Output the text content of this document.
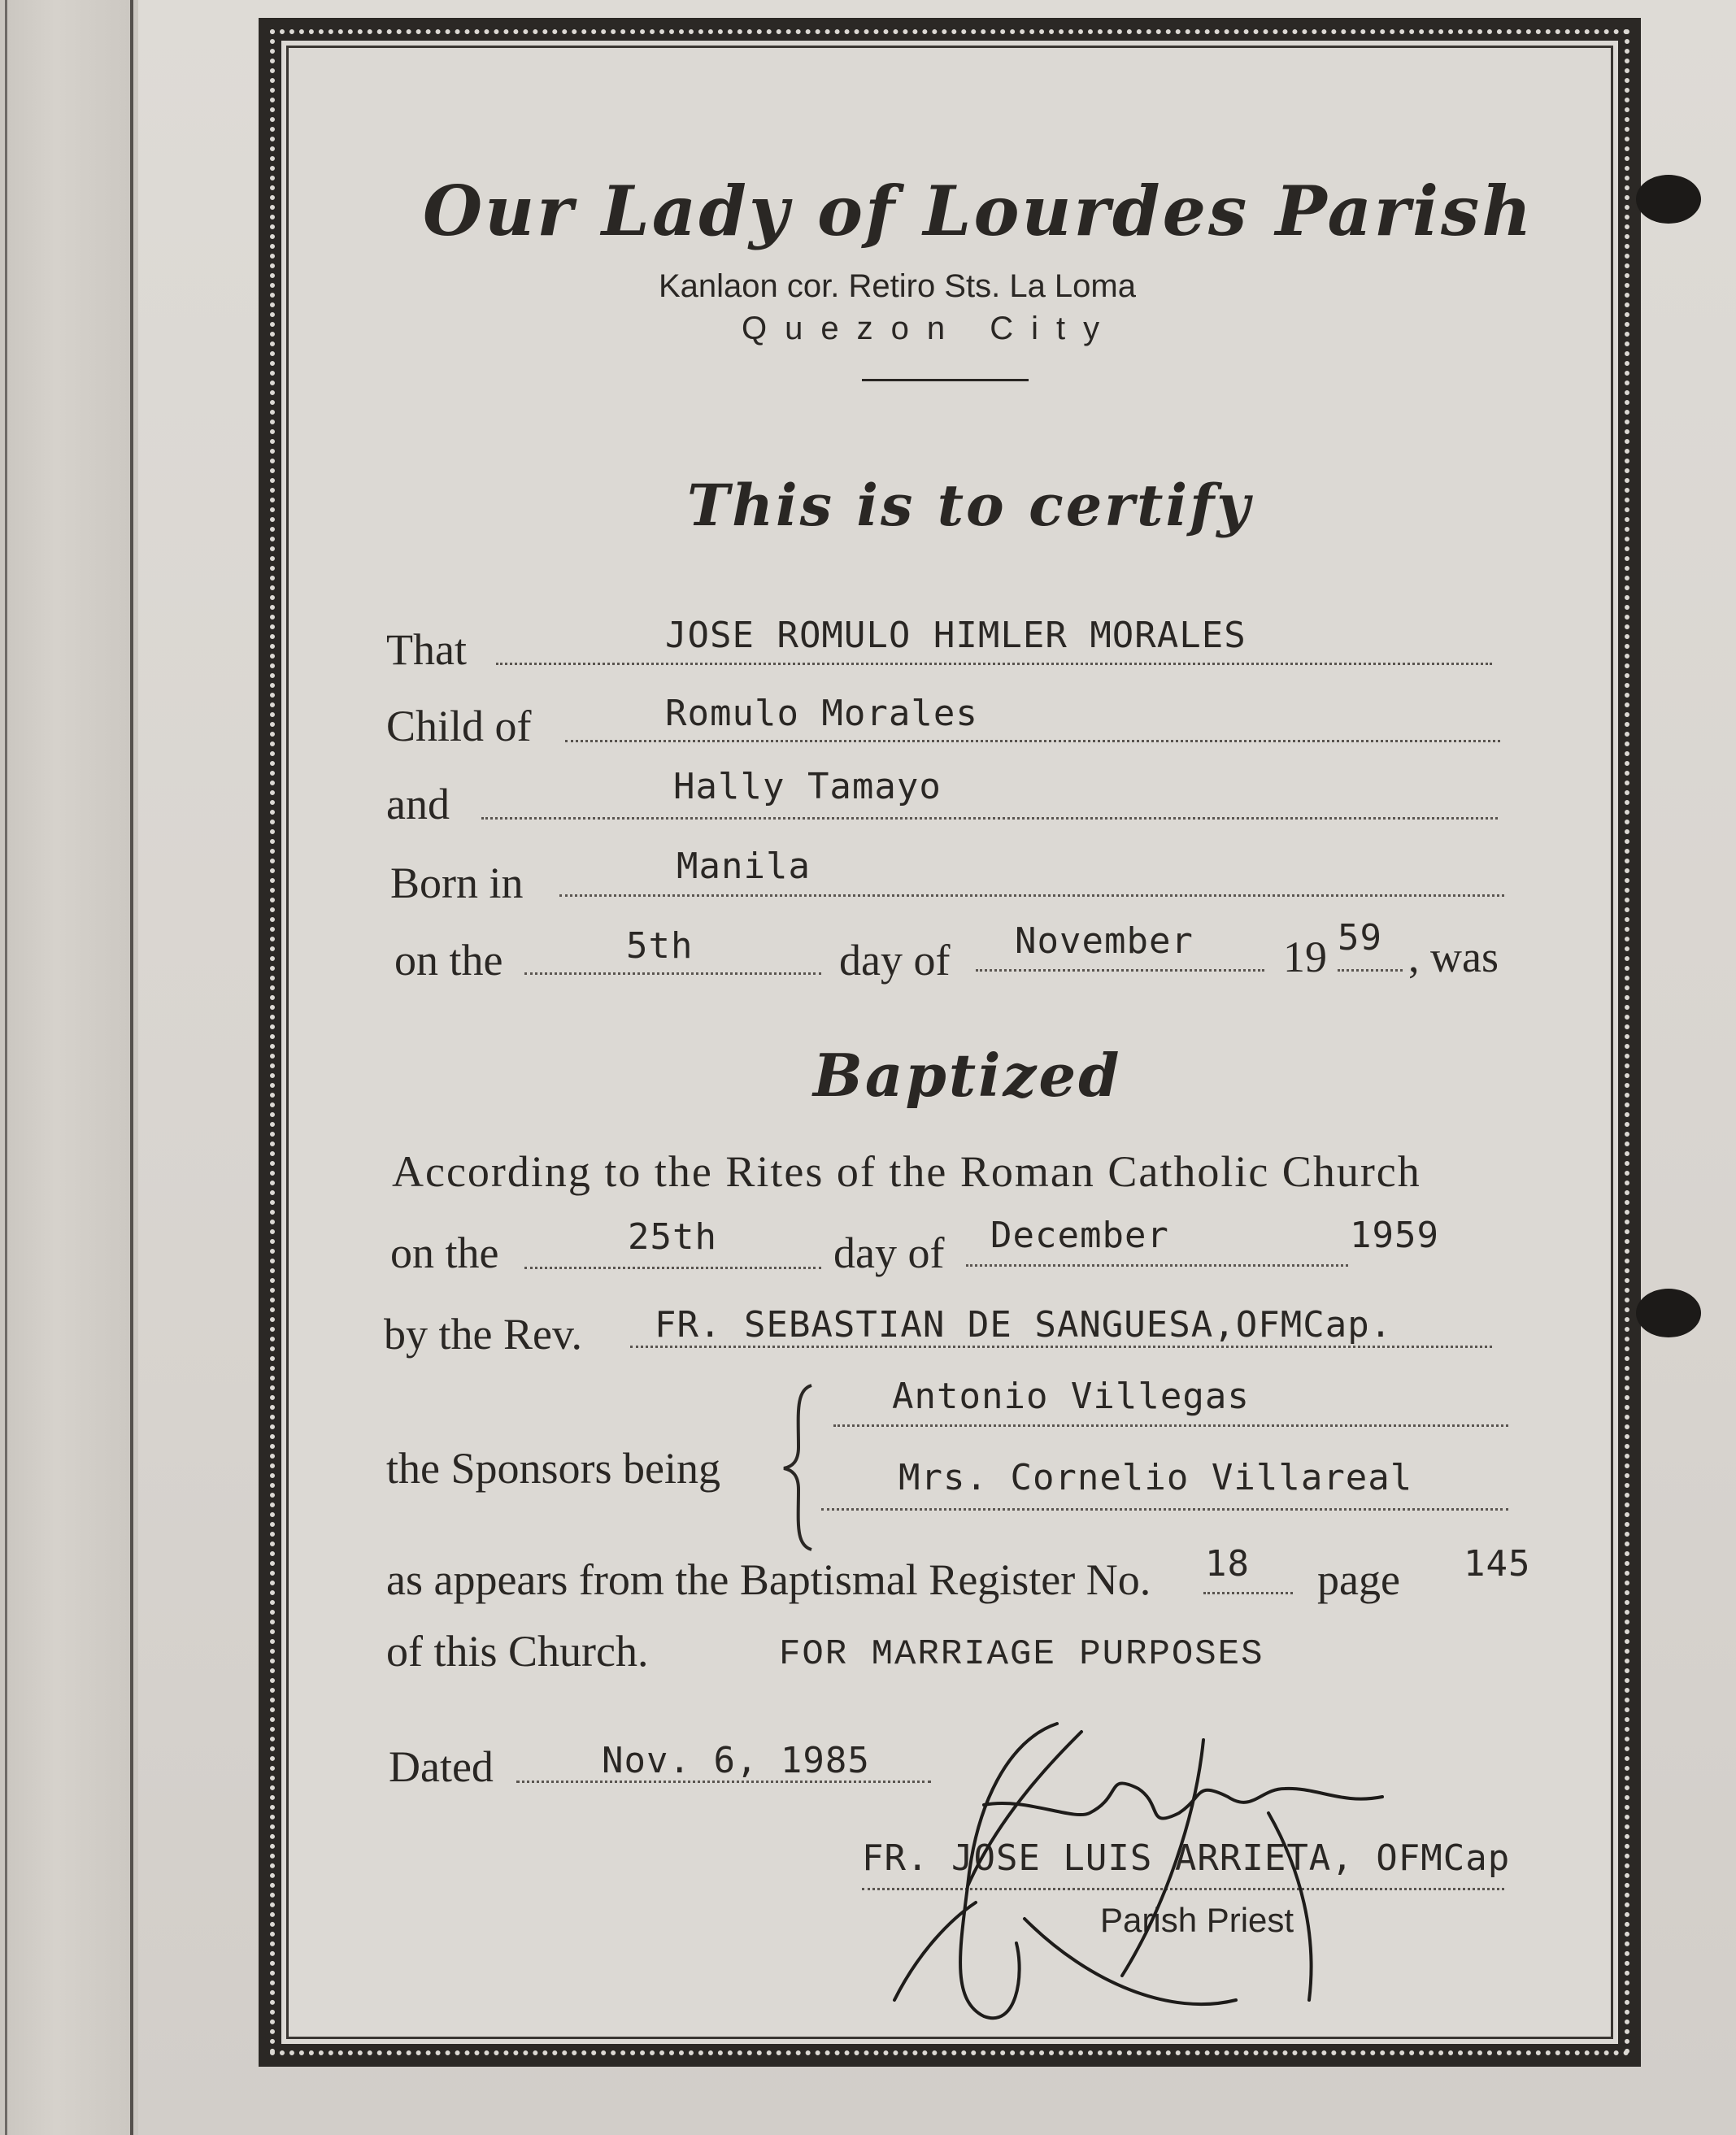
Our Lady of Lourdes Parish
Kanlaon cor. Retiro Sts. La Loma
Quezon City
This is to certify
That	JOSE ROMULO HIMLER MORALES
Child of	Romulo Morales
and	Hally Tamayo
Born in	Manila
on the	5th	day of November 19 59 , was
Baptized
According to the Rites of the Roman Catholic Church
on the	25th	day of December	1959
by the Rev. FR. SEBASTIAN DE SANGUESA,OFMCap.
the Sponsors being
Antonio Villegas
Mrs. Cornelio Villareal
as appears from the Baptismal Register No. 18 page 145
of this Church.	FOR MARRIAGE PURPOSES
Dated	Nov. 6, 1985
FR. JOSE LUIS ARRIETA, OFMCap
Parish Priest
